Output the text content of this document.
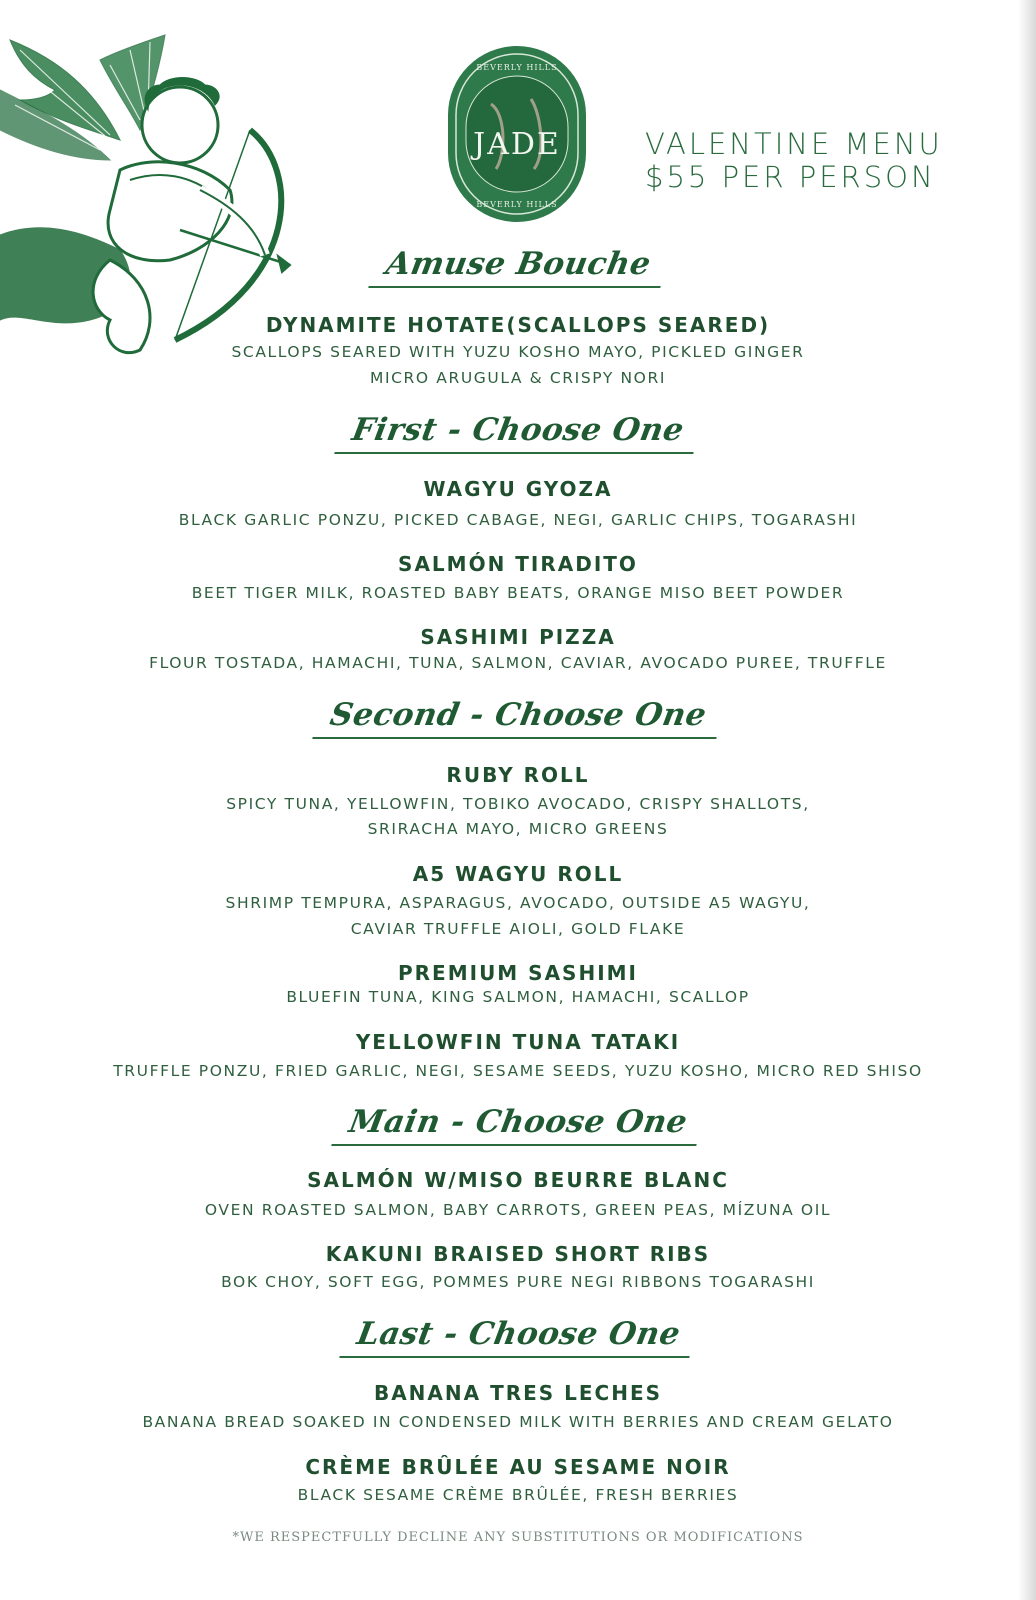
BEVERLY HILLS
BEVERLY HILLS
JADE	VALENTINE MENU
$55 PER PERSON
Amuse Bouche
DYNAMITE HOTATE(SCALLOPS SEARED)
SCALLOPS SEARED WITH YUZU KOSHO MAYO, PICKLED GINGER
MICRO ARUGULA & CRISPY NORI
First - Choose One
WAGYU GYOZA
BLACK GARLIC PONZU, PICKED CABAGE, NEGI, GARLIC CHIPS, TOGARASHI
SALMÓN TIRADITO
BEET TIGER MILK, ROASTED BABY BEATS, ORANGE MISO BEET POWDER
SASHIMI PIZZA
FLOUR TOSTADA, HAMACHI, TUNA, SALMON, CAVIAR, AVOCADO PUREE, TRUFFLE
Second - Choose One
RUBY ROLL
SPICY TUNA, YELLOWFIN, TOBIKO AVOCADO, CRISPY SHALLOTS,
SRIRACHA MAYO, MICRO GREENS
A5 WAGYU ROLL
SHRIMP TEMPURA, ASPARAGUS, AVOCADO, OUTSIDE A5 WAGYU,
CAVIAR TRUFFLE AIOLI, GOLD FLAKE
PREMIUM SASHIMI
BLUEFIN TUNA, KING SALMON, HAMACHI, SCALLOP
YELLOWFIN TUNA TATAKI
TRUFFLE PONZU, FRIED GARLIC, NEGI, SESAME SEEDS, YUZU KOSHO, MICRO RED SHISO
Main - Choose One
SALMÓN W/MISO BEURRE BLANC
OVEN ROASTED SALMON, BABY CARROTS, GREEN PEAS, MÍZUNA OIL
KAKUNI BRAISED SHORT RIBS
BOK CHOY, SOFT EGG, POMMES PURE NEGI RIBBONS TOGARASHI
Last - Choose One
BANANA TRES LECHES
BANANA BREAD SOAKED IN CONDENSED MILK WITH BERRIES AND CREAM GELATO
CRÈME BRÛLÉE AU SESAME NOIR
BLACK SESAME CRÈME BRÛLÉE, FRESH BERRIES
*WE RESPECTFULLY DECLINE ANY SUBSTITUTIONS OR MODIFICATIONS
